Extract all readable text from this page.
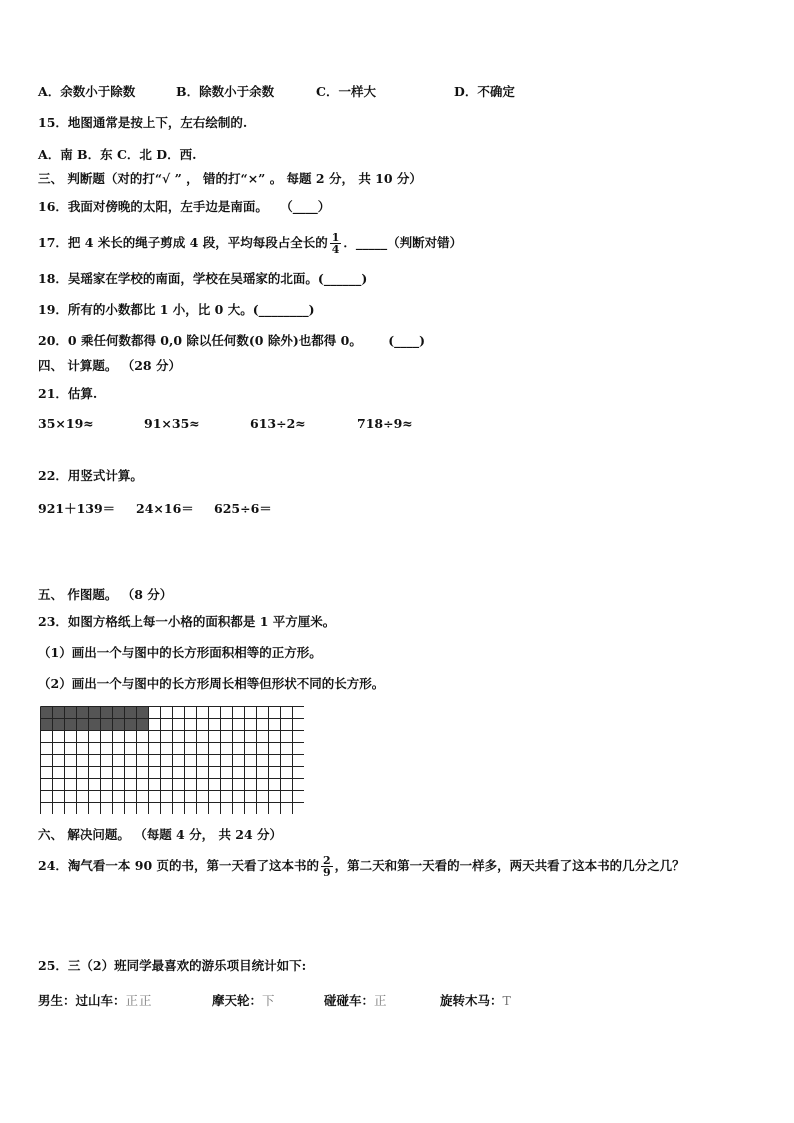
A．余数小于除数	B．除数小于余数	C．一样大	D．不确定
15．地图通常是按上下，左右绘制的.
A．南 B．东 C．北 D．西.
三、 判断题（对的打“√ ” ， 错的打“×” 。 每题 2 分， 共 10 分）
16．我面对傍晚的太阳，左手边是南面。 （____）
17．把 4 米长的绳子剪成 4 段，平均每段占全长的 $\frac{1}{4}$ ．_____（判断对错）
18．吴瑶家在学校的南面，学校在吴瑶家的北面。(______)
19．所有的小数都比 1 小，比 0 大。(________)
20．0 乘任何数都得 0,0 除以任何数(0 除外)也都得 0。 (____)
四、 计算题。 （28 分）
21．估算.
35×19≈	91×35≈	613÷2≈	718÷9≈
22．用竖式计算。
921＋139＝ 24×16＝ 625÷6＝
五、 作图题。 （8 分）
23．如图方格纸上每一小格的面积都是 1 平方厘米。
（1）画出一个与图中的长方形面积相等的正方形。
（2）画出一个与图中的长方形周长相等但形状不同的长方形。
六、 解决问题。 （每题 4 分， 共 24 分）
24．淘气看一本 90 页的书，第一天看了这本书的 $\frac{2}{9}$ ，第二天和第一天看的一样多，两天共看了这本书的几分之几？
25．三（2）班同学最喜欢的游乐项目统计如下:
男生：过山车：正正	摩天轮：下	碰碰车：正	旋转木马：T
